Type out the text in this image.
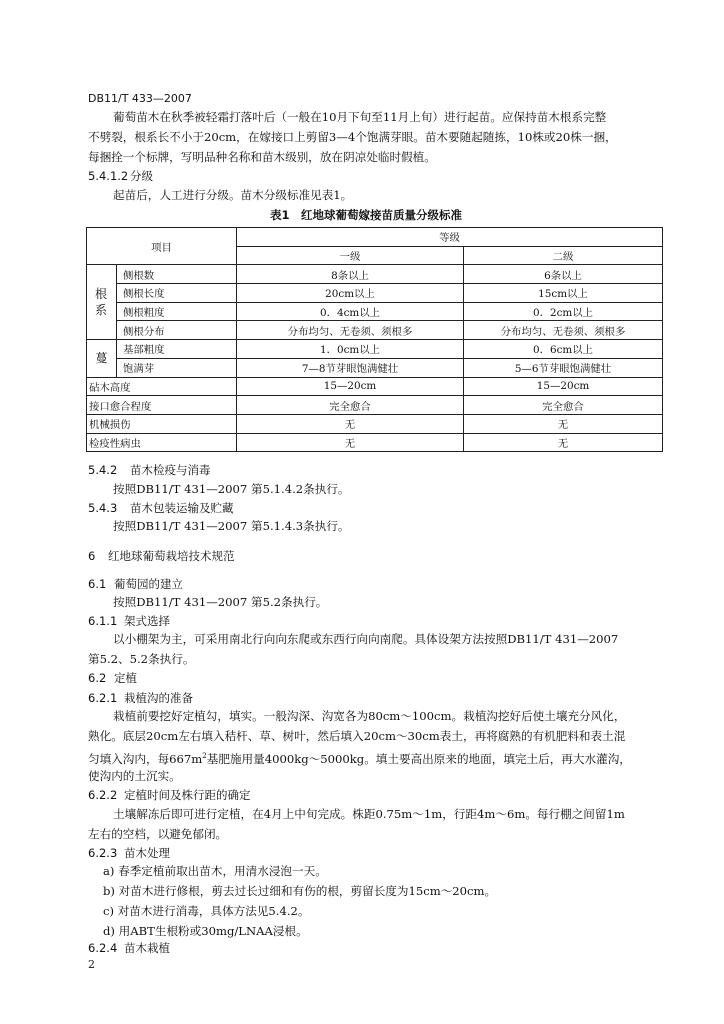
DB11/T 433—2007
葡萄苗木在秋季被轻霜打落叶后（一般在10月下旬至11月上旬）进行起苗。应保持苗木根系完整
不劈裂，根系长不小于20cm，在嫁接口上剪留3—4个饱满芽眼。苗木要随起随拣，10株或20株一捆，
每捆拴一个标牌，写明品种名称和苗木级别，放在阴凉处临时假植。
5.4.1.2 分级
起苗后，人工进行分级。苗木分级标准见表1。
表1　红地球葡萄嫁接苗质量分级标准
项目		等级	
		一级	二级

根系	侧根数	8条以上	6条以上
	侧根长度	20cm以上	15cm以上
	侧根粗度	0．4cm以上	0．2cm以上
	侧根分布	分布均匀、无卷须、须根多	分布均匀、无卷须、须根多
蔓	基部粗度	1．0cm以上	0．6cm以上
	饱满芽	7—8节芽眼饱满健壮	5—6节芽眼饱满健壮
砧木高度		15—20cm	15—20cm
接口愈合程度		完全愈合	完全愈合
机械损伤		无	无
检疫性病虫		无	无
5.4.2 苗木检疫与消毒
按照DB11/T 431—2007 第5.1.4.2条执行。
5.4.3 苗木包装运输及贮藏
按照DB11/T 431—2007 第5.1.4.3条执行。
6 红地球葡萄栽培技术规范
6.1 葡萄园的建立
按照DB11/T 431—2007 第5.2条执行。
6.1.1 架式选择
以小棚架为主，可采用南北行向向东爬或东西行向向南爬。具体设架方法按照DB11/T 431—2007
第5.2、5.2条执行。
6.2 定植
6.2.1 栽植沟的准备
栽植前要挖好定植勾，填实。一般沟深、沟宽各为80cm～100cm。栽植沟挖好后使土壤充分风化，
熟化。底层20cm左右填入秸杆、草、树叶，然后填入20cm～30cm表土，再将腐熟的有机肥料和表土混
匀填入沟内，每$667m^2$基肥施用量4000kg～5000kg。填土要高出原来的地面，填完土后，再大水灌沟，
使沟内的土沉实。
6.2.2 定植时间及株行距的确定
土壤解冻后即可进行定植，在4月上中旬完成。株距0.75m～1m，行距4m～6m。每行棚之间留1m
左右的空档，以避免郁闭。
6.2.3 苗木处理
a) 春季定植前取出苗木，用清水浸泡一天。
b) 对苗木进行修根，剪去过长过细和有伤的根，剪留长度为15cm～20cm。
c) 对苗木进行消毒，具体方法见5.4.2。
d) 用ABT生根粉或30mg/LNAA浸根。
6.2.4 苗木栽植
2
